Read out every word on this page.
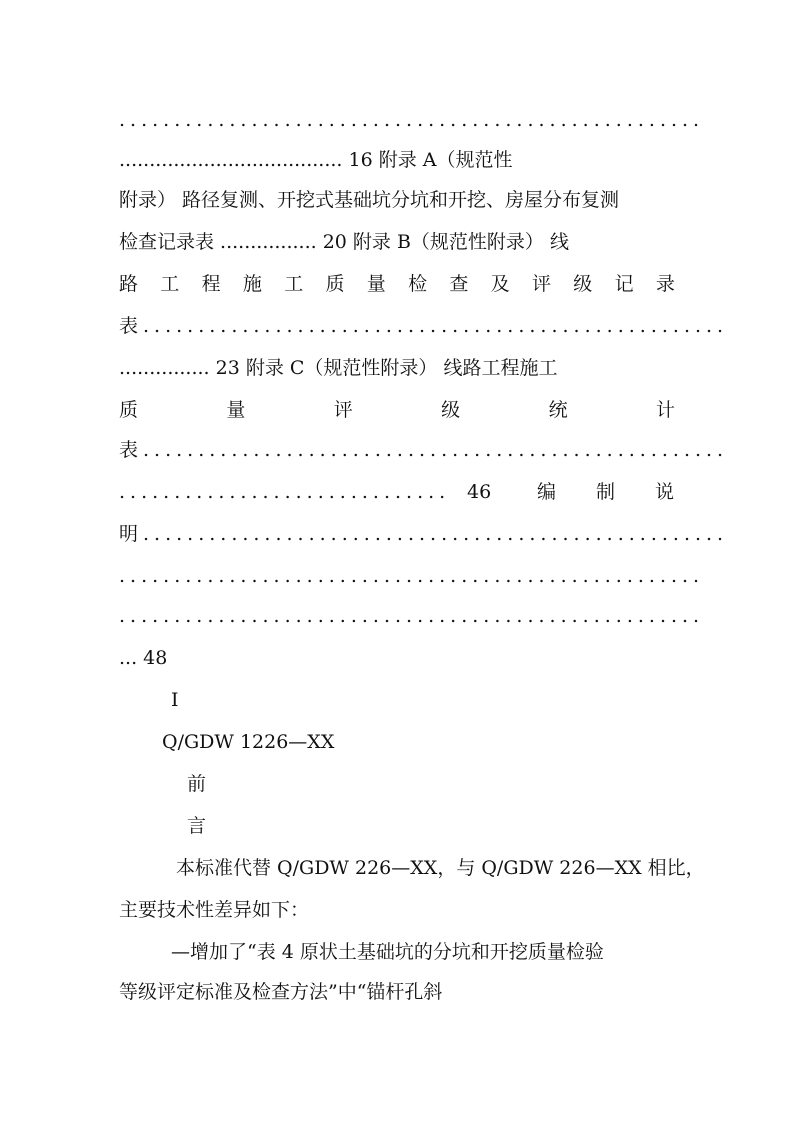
.....................................................
..................................... 16 附录 A（规范性
附录） 路径复测、开挖式基础坑分坑和开挖、房屋分布复测
检查记录表 ................ 20 附录 B（规范性附录） 线
路 工 程 施 工 质 量 检 查 及 评 级 记 录
表.....................................................
............... 23 附录 C（规范性附录） 线路工程施工
质	量	评	级	统	计
表.....................................................
.............................. 46 编 制 说
明.....................................................
.....................................................
.....................................................
... 48
I
Q/GDW 1226—XX
前
言
本标准代替 Q/GDW 226—XX，与 Q/GDW 226—XX 相比，
主要技术性差异如下：
—增加了“表 4 原状土基础坑的分坑和开挖质量检验
等级评定标准及检查方法”中“锚杆孔斜
